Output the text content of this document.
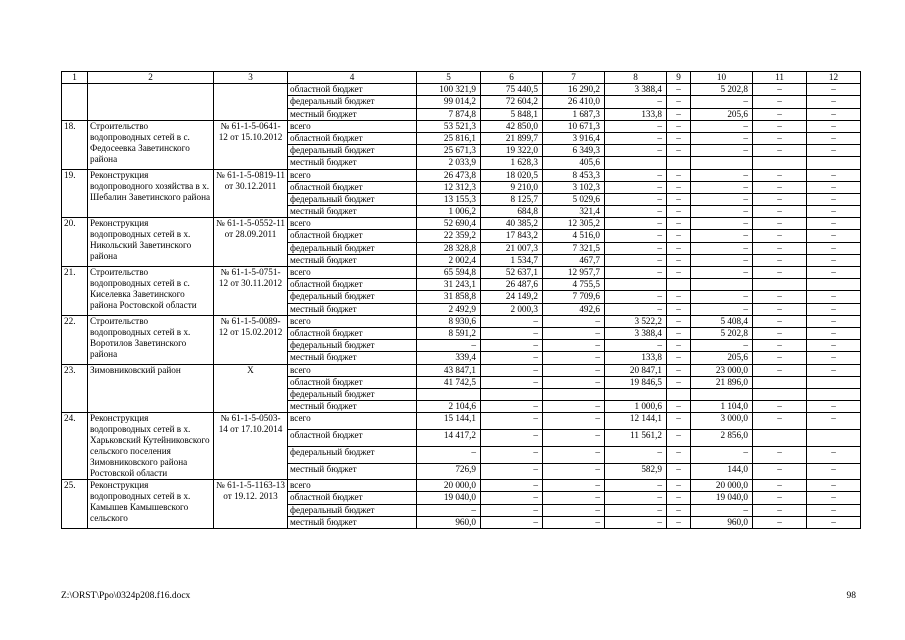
1	2	3	4	5	6	7	8	9	10	11	12
			областной бюджет	100 321,9	75 440,5	16 290,2	3 388,4	–	5 202,8	–	–
			федеральный бюджет	99 014,2	72 604,2	26 410,0	–	–	–	–	–
			местный бюджет	7 874,8	5 848,1	1 687,3	133,8	–	205,6	–	–
18.	Строительство водопроводных сетей в с. Федосеевка Заветинского района	№ 61-1-5-0641-12 от 15.10.2012	всего	53 521,3	42 850,0	10 671,3	–	–	–	–	–
			областной бюджет	25 816,1	21 899,7	3 916,4	–	–	–	–	–
			федеральный бюджет	25 671,3	19 322,0	6 349,3	–	–	–	–	–
			местный бюджет	2 033,9	1 628,3	405,6					
19.	Реконструкция водопроводного хозяйства в х. Шебалин Заветинского района	№ 61-1-5-0819-11 от 30.12.2011	всего	26 473,8	18 020,5	8 453,3	–	–	–	–	–
			областной бюджет	12 312,3	9 210,0	3 102,3	–	–	–	–	–
			федеральный бюджет	13 155,3	8 125,7	5 029,6	–	–	–	–	–
			местный бюджет	1 006,2	684,8	321,4	–	–	–	–	–
20.	Реконструкция водопроводных сетей в х. Никольский Заветинского района	№ 61-1-5-0552-11 от 28.09.2011	всего	52 690,4	40 385,2	12 305,2	–	–	–	–	–
			областной бюджет	22 359,2	17 843,2	4 516,0	–	–	–	–	–
			федеральный бюджет	28 328,8	21 007,3	7 321,5	–	–	–	–	–
			местный бюджет	2 002,4	1 534,7	467,7	–	–	–	–	–
21.	Строительство водопроводных сетей в с. Киселевка Заветинского района Ростовской области	№ 61-1-5-0751-12 от 30.11.2012	всего	65 594,8	52 637,1	12 957,7	–	–	–	–	–
			областной бюджет	31 243,1	26 487,6	4 755,5					
			федеральный бюджет	31 858,8	24 149,2	7 709,6	–	–	–	–	–
			местный бюджет	2 492,9	2 000,3	492,6	–	–	–	–	–
22.	Строительство водопроводных сетей в х. Воротилов Заветинского района	№ 61-1-5-0089-12 от 15.02.2012	всего	8 930,6	–	–	3 522,2	–	5 408,4	–	–
			областной бюджет	8 591,2	–	–	3 388,4	–	5 202,8	–	–
			федеральный бюджет	–	–	–	–	–	–	–	–
			местный бюджет	339,4	–	–	133,8	–	205,6	–	–
23.	Зимовниковский район	Х	всего	43 847,1	–	–	20 847,1	–	23 000,0	–	–
			областной бюджет	41 742,5	–	–	19 846,5	–	21 896,0		
			федеральный бюджет								
			местный бюджет	2 104,6	–	–	1 000,6	–	1 104,0	–	–
24.	Реконструкция водопроводных сетей в х. Харьковский Кутейниковского сельского поселения Зимовниковского района Ростовской области	№ 61-1-5-0503-14 от 17.10.2014	всего	15 144,1	–	–	12 144,1	–	3 000,0	–	–
			областной бюджет	14 417,2	–	–	11 561,2	–	2 856,0		
			федеральный бюджет	–	–	–	–	–	–	–	–
			местный бюджет	726,9	–	–	582,9	–	144,0	–	–
25.	Реконструкция водопроводных сетей в х. Камышев Камышевского сельского	№ 61-1-5-1163-13 от 19.12. 2013	всего	20 000,0	–	–	–	–	20 000,0	–	–
			областной бюджет	19 040,0	–	–	–	–	19 040,0	–	–
			федеральный бюджет	–	–	–	–	–	–	–	–
			местный бюджет	960,0	–	–	–	–	960,0	–	–
Z:\ORST\Ppo\0324p208.f16.docx	98
